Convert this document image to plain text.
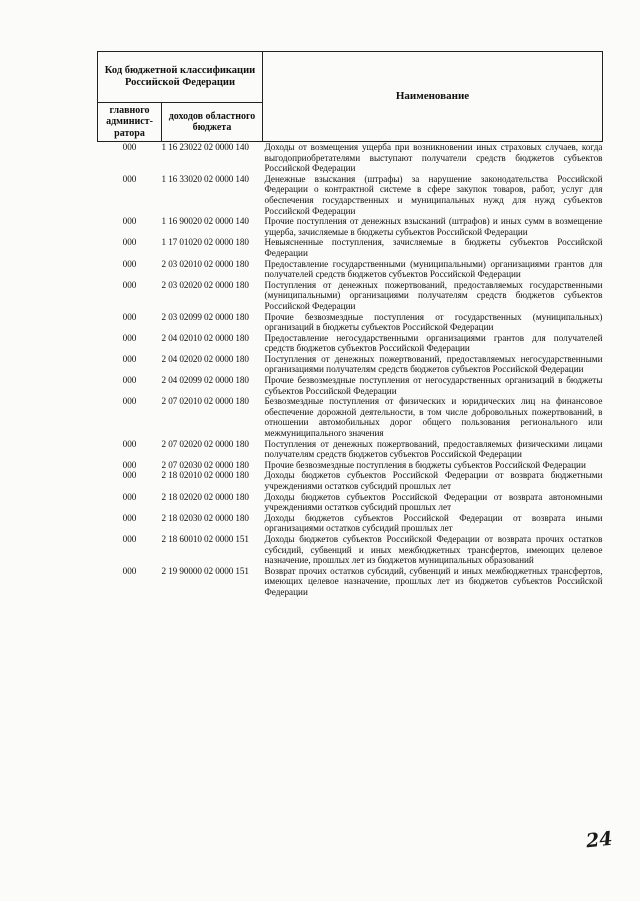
Код бюджетной классификации Российской Федерации		Наименование
главного админист-ратора	доходов областного бюджета	
000	1 16 23022 02 0000 140	Доходы от возмещения ущерба при возникновении иных страховых случаев, когда выгодоприобретателями выступают получатели средств бюджетов субъектов Российской Федерации
000	1 16 33020 02 0000 140	Денежные взыскания (штрафы) за нарушение законодательства Российской Федерации о контрактной системе в сфере закупок товаров, работ, услуг для обеспечения государственных и муниципальных нужд для нужд субъектов Российской Федерации
000	1 16 90020 02 0000 140	Прочие поступления от денежных взысканий (штрафов) и иных сумм в возмещение ущерба, зачисляемые в бюджеты субъектов Российской Федерации
000	1 17 01020 02 0000 180	Невыясненные поступления, зачисляемые в бюджеты субъектов Российской Федерации
000	2 03 02010 02 0000 180	Предоставление государственными (муниципальными) организациями грантов для получателей средств бюджетов субъектов Российской Федерации
000	2 03 02020 02 0000 180	Поступления от денежных пожертвований, предоставляемых государственными (муниципальными) организациями получателям средств бюджетов субъектов Российской Федерации
000	2 03 02099 02 0000 180	Прочие безвозмездные поступления от государственных (муниципальных) организаций в бюджеты субъектов Российской Федерации
000	2 04 02010 02 0000 180	Предоставление негосударственными организациями грантов для получателей средств бюджетов субъектов Российской Федерации
000	2 04 02020 02 0000 180	Поступления от денежных пожертвований, предоставляемых негосударственными организациями получателям средств бюджетов субъектов Российской Федерации
000	2 04 02099 02 0000 180	Прочие безвозмездные поступления от негосударственных организаций в бюджеты субъектов Российской Федерации
000	2 07 02010 02 0000 180	Безвозмездные поступления от физических и юридических лиц на финансовое обеспечение дорожной деятельности, в том числе добровольных пожертвований, в отношении автомобильных дорог общего пользования регионального или межмуниципального значения
000	2 07 02020 02 0000 180	Поступления от денежных пожертвований, предоставляемых физическими лицами получателям средств бюджетов субъектов Российской Федерации
000	2 07 02030 02 0000 180	Прочие безвозмездные поступления в бюджеты субъектов Российской Федерации
000	2 18 02010 02 0000 180	Доходы бюджетов субъектов Российской Федерации от возврата бюджетными учреждениями остатков субсидий прошлых лет
000	2 18 02020 02 0000 180	Доходы бюджетов субъектов Российской Федерации от возврата автономными учреждениями остатков субсидий прошлых лет
000	2 18 02030 02 0000 180	Доходы бюджетов субъектов Российской Федерации от возврата иными организациями остатков субсидий прошлых лет
000	2 18 60010 02 0000 151	Доходы бюджетов субъектов Российской Федерации от возврата прочих остатков субсидий, субвенций и иных межбюджетных трансфертов, имеющих целевое назначение, прошлых лет из бюджетов муниципальных образований
000	2 19 90000 02 0000 151	Возврат прочих остатков субсидий, субвенций и иных межбюджетных трансфертов, имеющих целевое назначение, прошлых лет из бюджетов субъектов Российской Федерации
24
